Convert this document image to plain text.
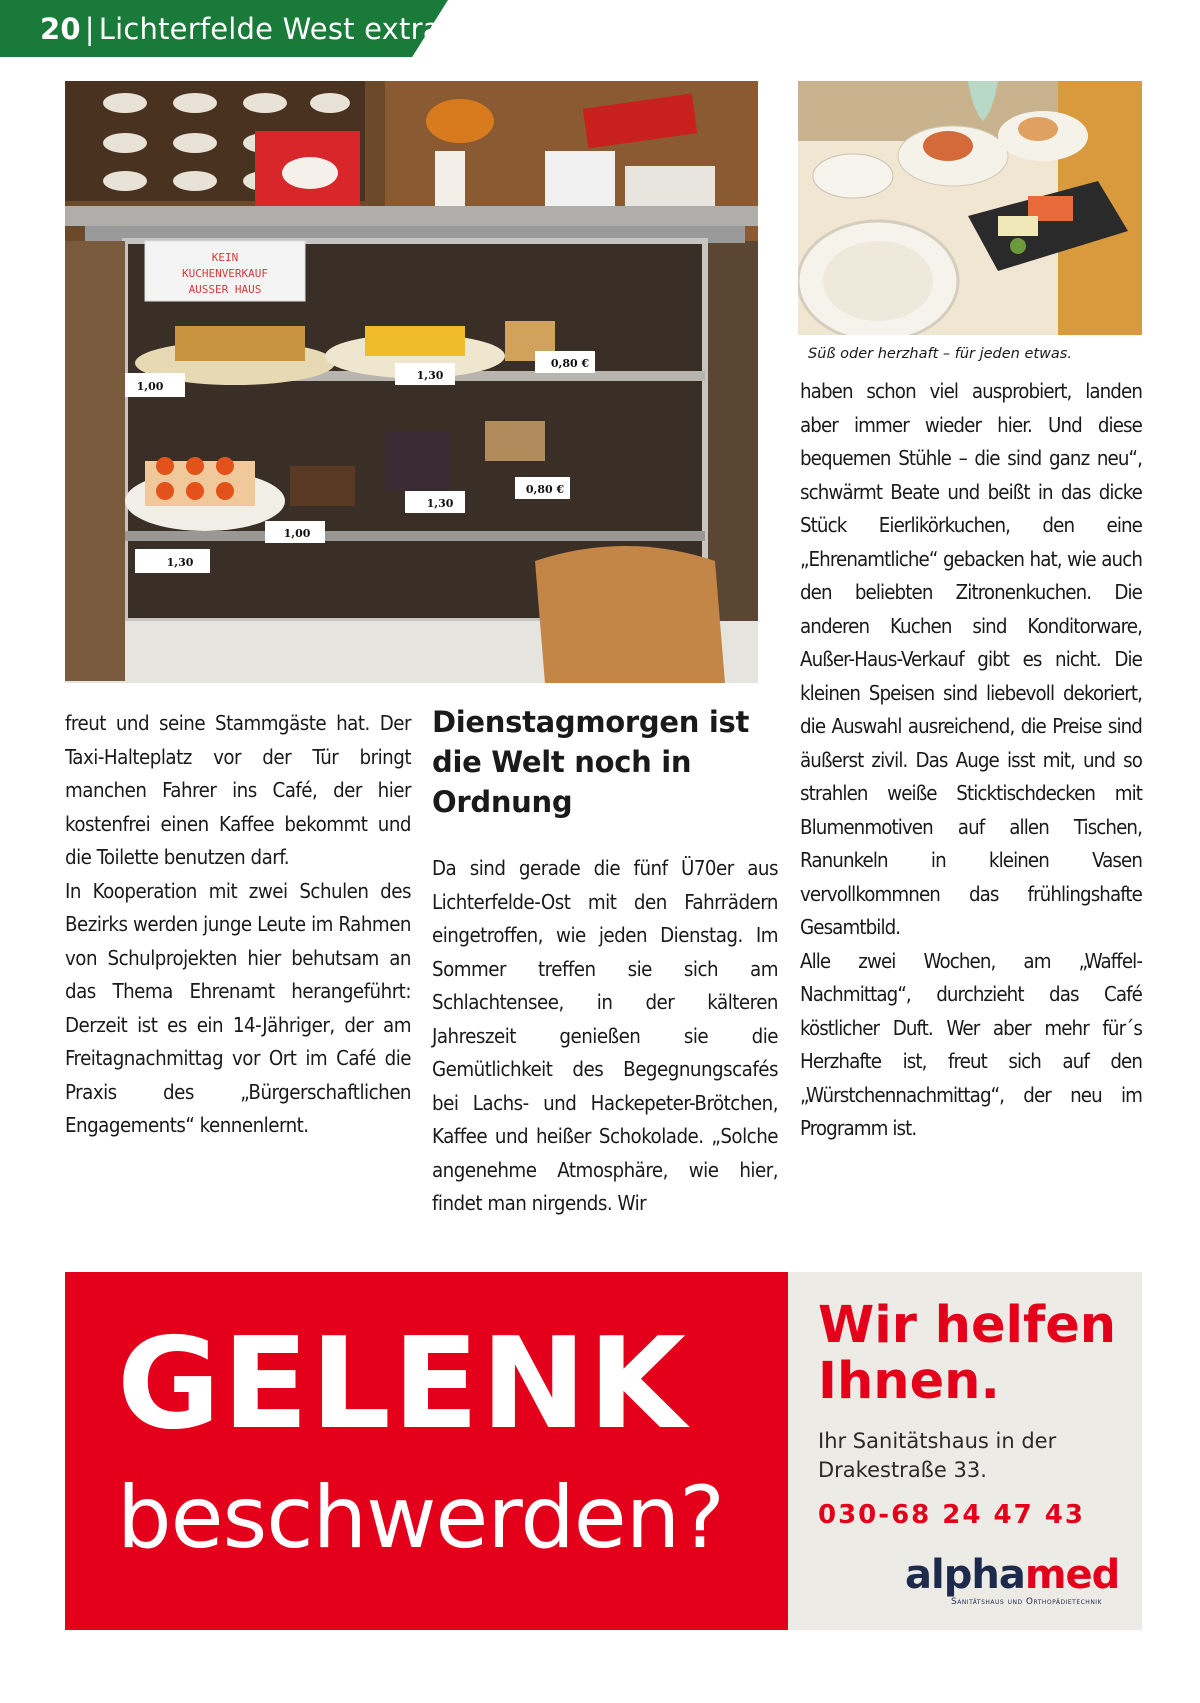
20 | Lichterfelde West extra
KEIN
KUCHENVERKAUF
AUSSER HAUS
1,00
1,30
0,80 €
1,30
0,80 €
1,00
1,30
Süß oder herzhaft – für jeden etwas.

freut und seine Stammgäste hat. Der Taxi-Halteplatz vor der Tür bringt manchen Fahrer ins Café, der hier kostenfrei einen Kaffee bekommt und die Toilette benutzen darf.

In Kooperation mit zwei Schulen des Bezirks werden junge Leute im Rahmen von Schulprojekten hier behutsam an das Thema Ehrenamt herangeführt: Derzeit ist es ein 14-Jähriger, der am Freitagnachmittag vor Ort im Café die Praxis des „Bürgerschaftlichen Engagements“ kennenlernt.

Dienstagmorgen ist die Welt noch in Ordnung

Da sind gerade die fünf Ü70er aus Lichterfelde-Ost mit den Fahrrädern eingetroffen, wie jeden Dienstag. Im Sommer treffen sie sich am Schlachtensee, in der kälteren Jahreszeit genießen sie die Gemütlichkeit des Begegnungscafés bei Lachs- und Hackepeter-Brötchen, Kaffee und heißer Schokolade. „Solche angenehme Atmosphäre, wie hier, findet man nirgends. Wir

haben schon viel ausprobiert, landen aber immer wieder hier. Und diese bequemen Stühle – die sind ganz neu“, schwärmt Beate und beißt in das dicke Stück Eierlikörkuchen, den eine „Ehrenamtliche“ gebacken hat, wie auch den beliebten Zitronenkuchen. Die anderen Kuchen sind Konditorware, Außer-Haus-Verkauf gibt es nicht. Die kleinen Speisen sind liebevoll dekoriert, die Auswahl ausreichend, die Preise sind äußerst zivil. Das Auge isst mit, und so strahlen weiße Sticktischdecken mit Blumenmotiven auf allen Tischen, Ranunkeln in kleinen Vasen vervollkommnen das frühlingshafte Gesamtbild.

Alle zwei Wochen, am „Waffel-Nachmittag“, durchzieht das Café köstlicher Duft. Wer aber mehr für´s Herzhafte ist, freut sich auf den „Würstchennachmittag“, der neu im Programm ist.

GELENK
beschwerden?
Wir helfen Ihnen.
Ihr Sanitätshaus in der Drakestraße 33.
030-68 24 47 43
alphamed
Sanitätshaus und Orthopädietechnik
